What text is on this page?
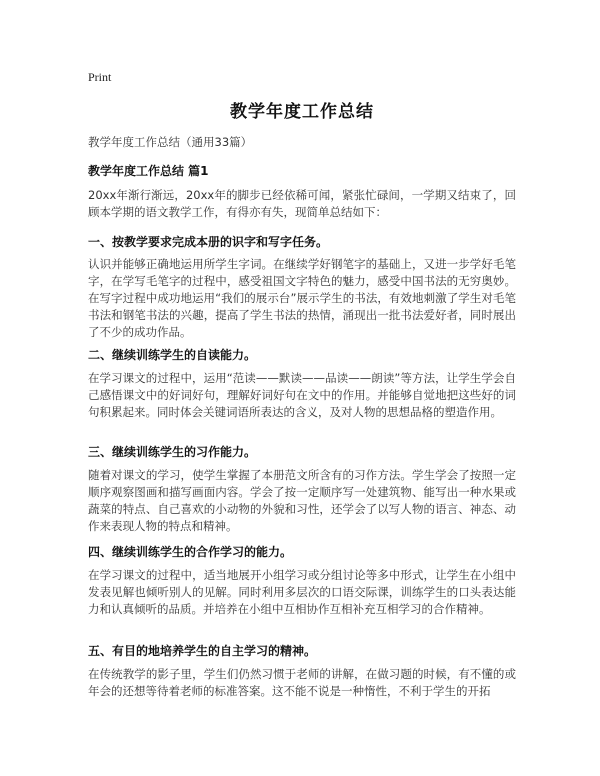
Print
教学年度工作总结
教学年度工作总结（通用33篇）
教学年度工作总结 篇1

20xx年渐行渐远，20xx年的脚步已经依稀可闻，紧张忙碌间，一学期又结束了，回顾本学期的语文教学工作，有得亦有失，现简单总结如下：

一、按教学要求完成本册的识字和写字任务。

认识并能够正确地运用所学生字词。在继续学好钢笔字的基础上，又进一步学好毛笔字，在学写毛笔字的过程中，感受祖国文字特色的魅力，感受中国书法的无穷奥妙。在写字过程中成功地运用“我们的展示台”展示学生的书法，有效地刺激了学生对毛笔书法和钢笔书法的兴趣，提高了学生书法的热情，涌现出一批书法爱好者，同时展出了不少的成功作品。

二、继续训练学生的自读能力。

在学习课文的过程中，运用“范读——默读——品读——朗读”等方法，让学生学会自己感悟课文中的好词好句，理解好词好句在文中的作用。并能够自觉地把这些好的词句积累起来。同时体会关键词语所表达的含义，及对人物的思想品格的塑造作用。

三、继续训练学生的习作能力。

随着对课文的学习，使学生掌握了本册范文所含有的习作方法。学生学会了按照一定顺序观察图画和描写画面内容。学会了按一定顺序写一处建筑物、能写出一种水果或蔬菜的特点、自己喜欢的小动物的外貌和习性，还学会了以写人物的语言、神态、动作来表现人物的特点和精神。

四、继续训练学生的合作学习的能力。

在学习课文的过程中，适当地展开小组学习或分组讨论等多中形式，让学生在小组中发表见解也倾听别人的见解。同时利用多层次的口语交际课，训练学生的口头表达能力和认真倾听的品质。并培养在小组中互相协作互相补充互相学习的合作精神。

五、有目的地培养学生的自主学习的精神。

在传统教学的影子里，学生们仍然习惯于老师的讲解，在做习题的时候，有不懂的或年会的还想等待着老师的标准答案。这不能不说是一种惰性，不利于学生的开拓
